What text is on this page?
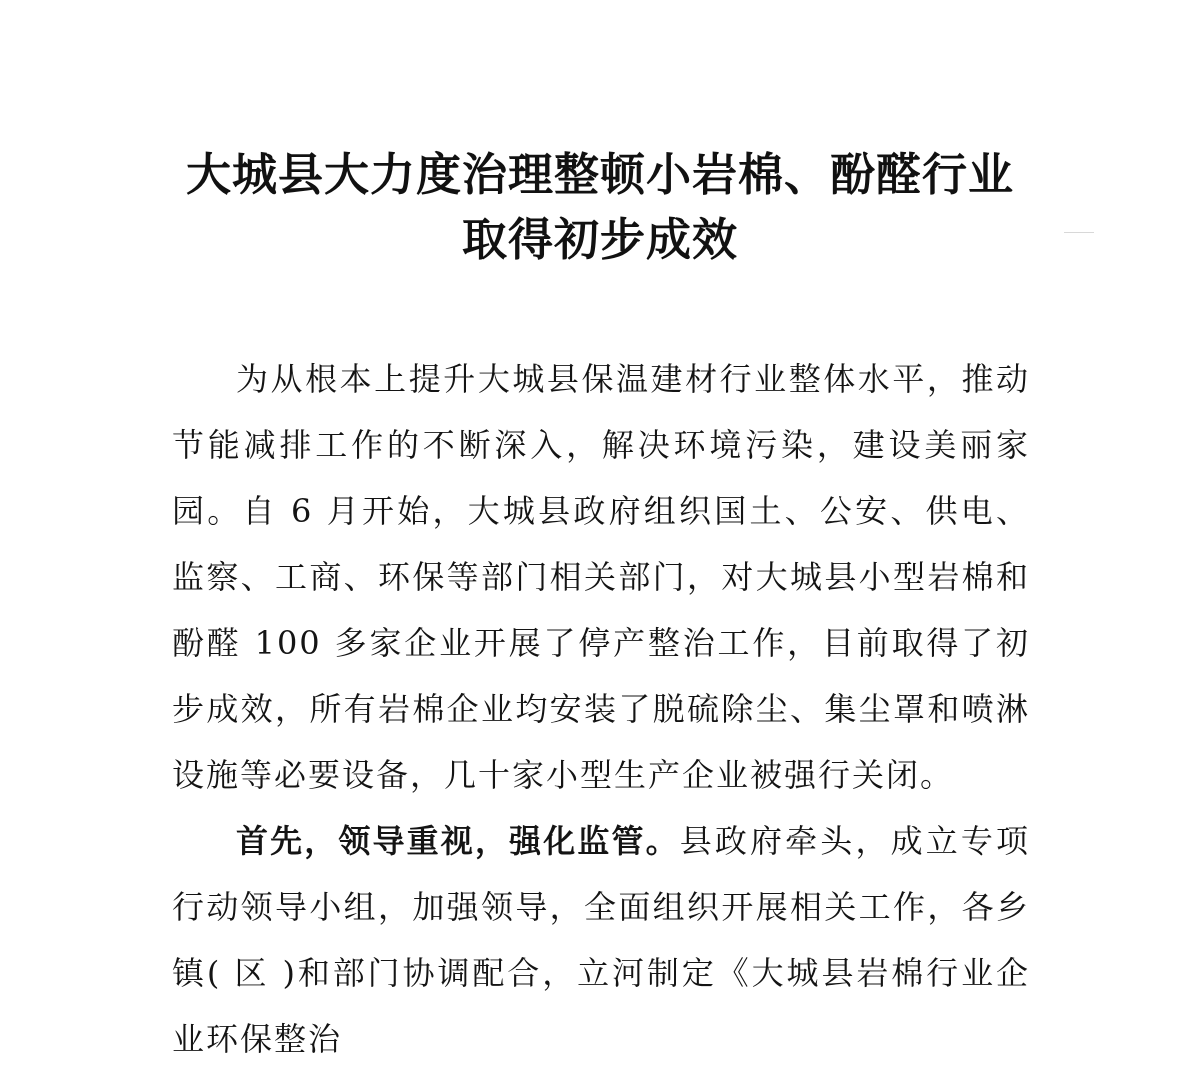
大城县大力度治理整顿小岩棉、酚醛行业
取得初步成效

为从根本上提升大城县保温建材行业整体水平，推动节能减排工作的不断深入，解决环境污染，建设美丽家园。自 6 月开始，大城县政府组织国土、公安、供电、监察、工商、环保等部门相关部门，对大城县小型岩棉和酚醛 100 多家企业开展了停产整治工作，目前取得了初步成效，所有岩棉企业均安装了脱硫除尘、集尘罩和喷淋设施等必要设备，几十家小型生产企业被强行关闭。

首先，领导重视，强化监管。县政府牵头，成立专项行动领导小组，加强领导，全面组织开展相关工作，各乡镇( 区 )和部门协调配合，立河制定《大城县岩棉行业企业环保整治
